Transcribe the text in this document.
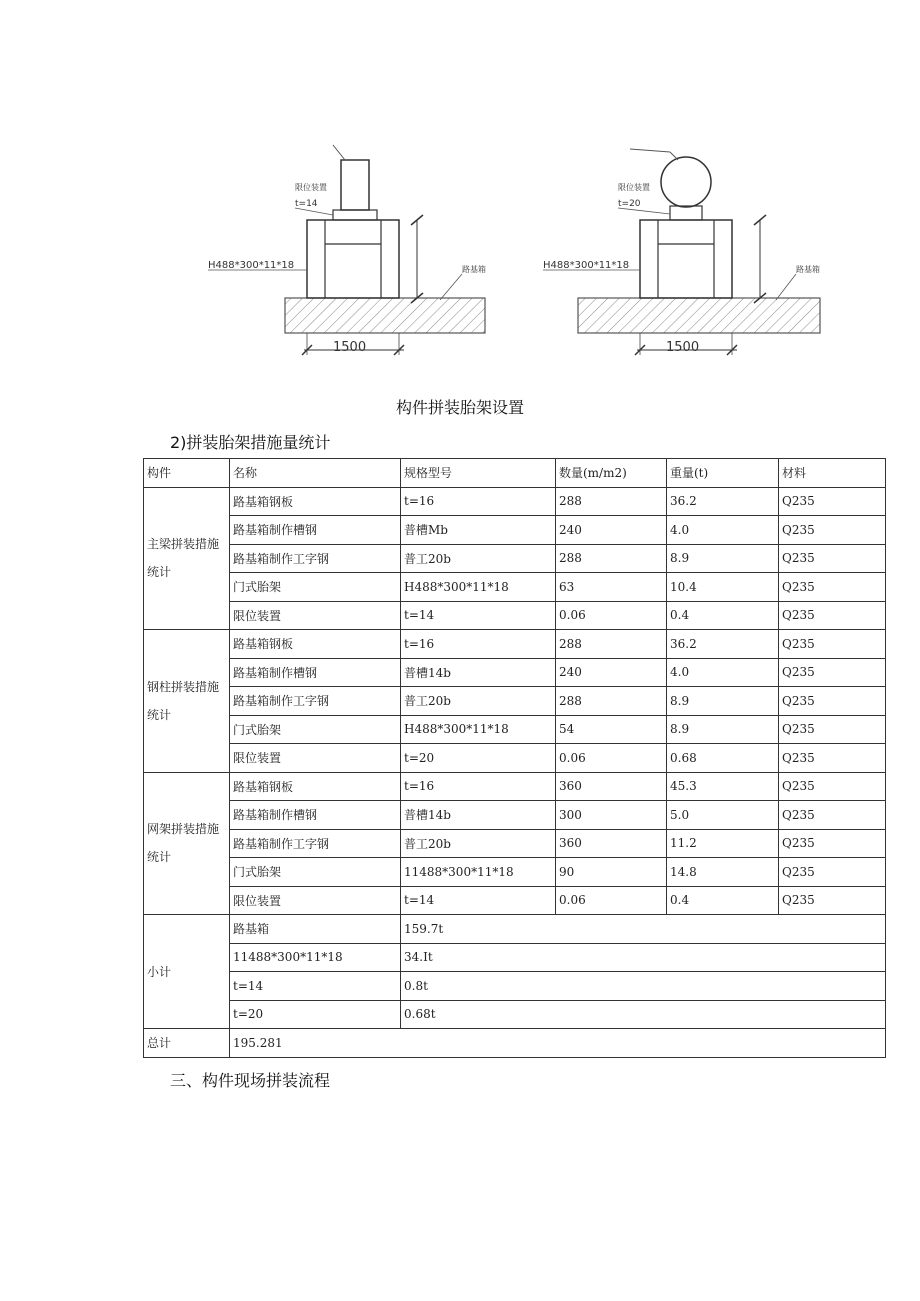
限位装置
t=14
H488*300*11*18	路基箱
1500
限位装置
t=20
H488*300*11*18	路基箱
1500
构件拼装胎架设置
2)拼装胎架措施量统计
构件	名称	规格型号	数量(m/m2)	重量(t)	材料
主梁拼装措施统计	路基箱钢板	t=16	288	36.2	Q235
	路基箱制作槽钢	普槽Mb	240	4.0	Q235
	路基箱制作工字钢	普工20b	288	8.9	Q235
	门式胎架	H488*300*11*18	63	10.4	Q235
	限位装置	t=14	0.06	0.4	Q235
钢柱拼装措施统计	路基箱钢板	t=16	288	36.2	Q235
	路基箱制作槽钢	普槽14b	240	4.0	Q235
	路基箱制作工字钢	普工20b	288	8.9	Q235
	门式胎架	H488*300*11*18	54	8.9	Q235
	限位装置	t=20	0.06	0.68	Q235
网架拼装措施统计	路基箱钢板	t=16	360	45.3	Q235
	路基箱制作槽钢	普槽14b	300	5.0	Q235
	路基箱制作工字钢	普工20b	360	11.2	Q235
	门式胎架	11488*300*11*18	90	14.8	Q235
	限位装置	t=14	0.06	0.4	Q235
小计	路基箱	159.7t			
	11488*300*11*18	34.It			
	t=14	0.8t			
	t=20	0.68t			
总计	195.281				
三、构件现场拼装流程
